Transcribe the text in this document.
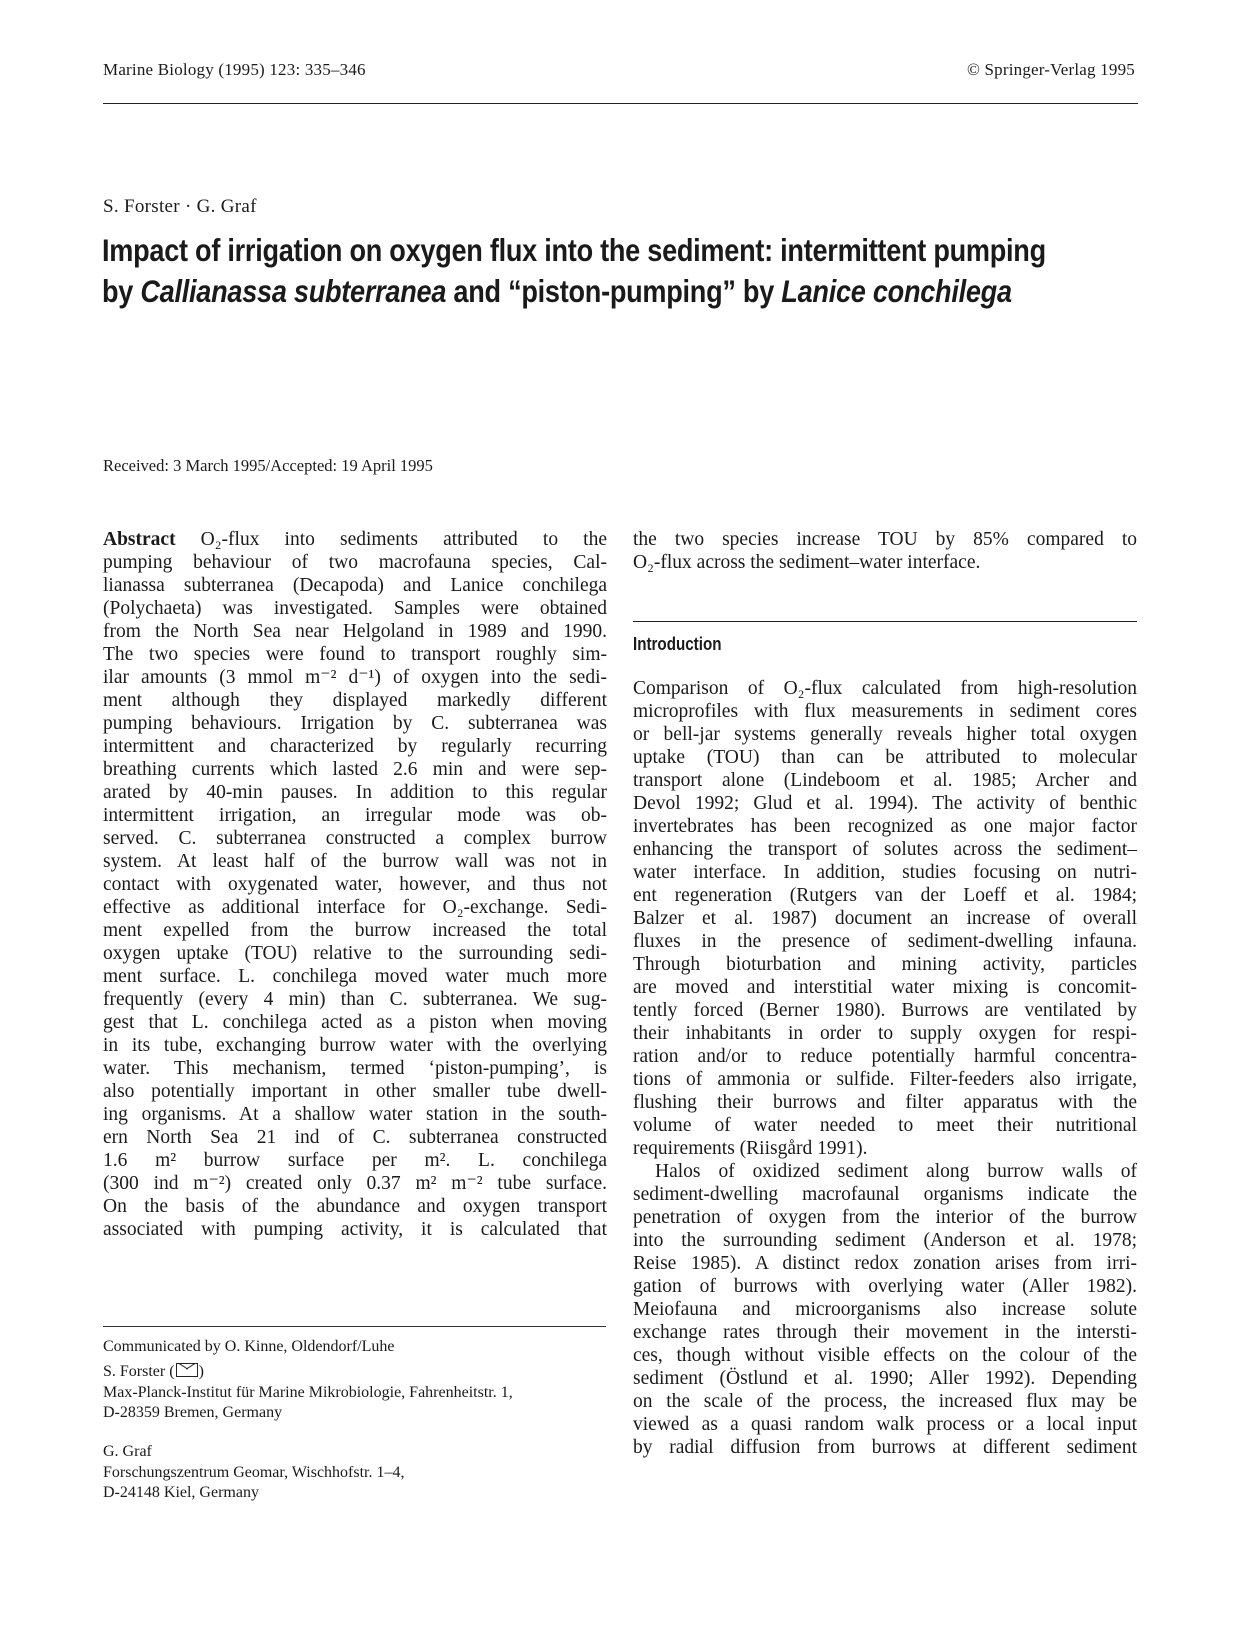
Marine Biology (1995) 123: 335–346	© Springer-Verlag 1995
S. Forster · G. Graf
Impact of irrigation on oxygen flux into the sediment: intermittent pumping
by Callianassa subterranea and “piston-pumping” by Lanice conchilega
Received: 3 March 1995/Accepted: 19 April 1995
Abstract O₂-flux into sediments attributed to the
pumping behaviour of two macrofauna species, Cal-
lianassa subterranea (Decapoda) and Lanice conchilega
(Polychaeta) was investigated. Samples were obtained
from the North Sea near Helgoland in 1989 and 1990.
The two species were found to transport roughly sim-
ilar amounts (3 mmol m⁻² d⁻¹) of oxygen into the sedi-
ment although they displayed markedly different
pumping behaviours. Irrigation by C. subterranea was
intermittent and characterized by regularly recurring
breathing currents which lasted 2.6 min and were sep-
arated by 40-min pauses. In addition to this regular
intermittent irrigation, an irregular mode was ob-
served. C. subterranea constructed a complex burrow
system. At least half of the burrow wall was not in
contact with oxygenated water, however, and thus not
effective as additional interface for O₂-exchange. Sedi-
ment expelled from the burrow increased the total
oxygen uptake (TOU) relative to the surrounding sedi-
ment surface. L. conchilega moved water much more
frequently (every 4 min) than C. subterranea. We sug-
gest that L. conchilega acted as a piston when moving
in its tube, exchanging burrow water with the overlying
water. This mechanism, termed ‘piston-pumping’, is
also potentially important in other smaller tube dwell-
ing organisms. At a shallow water station in the south-
ern North Sea 21 ind of C. subterranea constructed
1.6 m² burrow surface per m². L. conchilega
(300 ind m⁻²) created only 0.37 m² m⁻² tube surface.
On the basis of the abundance and oxygen transport
associated with pumping activity, it is calculated that
the two species increase TOU by 85% compared to
O₂-flux across the sediment–water interface.
Introduction
Comparison of O₂-flux calculated from high-resolution
microprofiles with flux measurements in sediment cores
or bell-jar systems generally reveals higher total oxygen
uptake (TOU) than can be attributed to molecular
transport alone (Lindeboom et al. 1985; Archer and
Devol 1992; Glud et al. 1994). The activity of benthic
invertebrates has been recognized as one major factor
enhancing the transport of solutes across the sediment–
water interface. In addition, studies focusing on nutri-
ent regeneration (Rutgers van der Loeff et al. 1984;
Balzer et al. 1987) document an increase of overall
fluxes in the presence of sediment-dwelling infauna.
Through bioturbation and mining activity, particles
are moved and interstitial water mixing is concomit-
tently forced (Berner 1980). Burrows are ventilated by
their inhabitants in order to supply oxygen for respi-
ration and/or to reduce potentially harmful concentra-
tions of ammonia or sulfide. Filter-feeders also irrigate,
flushing their burrows and filter apparatus with the
volume of water needed to meet their nutritional
requirements (Riisgård 1991).
Halos of oxidized sediment along burrow walls of
sediment-dwelling macrofaunal organisms indicate the
penetration of oxygen from the interior of the burrow
into the surrounding sediment (Anderson et al. 1978;
Reise 1985). A distinct redox zonation arises from irri-
gation of burrows with overlying water (Aller 1982).
Meiofauna and microorganisms also increase solute
exchange rates through their movement in the intersti-
ces, though without visible effects on the colour of the
sediment (Östlund et al. 1990; Aller 1992). Depending
on the scale of the process, the increased flux may be
viewed as a quasi random walk process or a local input
by radial diffusion from burrows at different sediment
Communicated by O. Kinne, Oldendorf/Luhe
S. Forster ( )
Max-Planck-Institut für Marine Mikrobiologie, Fahrenheitstr. 1,
D-28359 Bremen, Germany
G. Graf
Forschungszentrum Geomar, Wischhofstr. 1–4,
D-24148 Kiel, Germany
